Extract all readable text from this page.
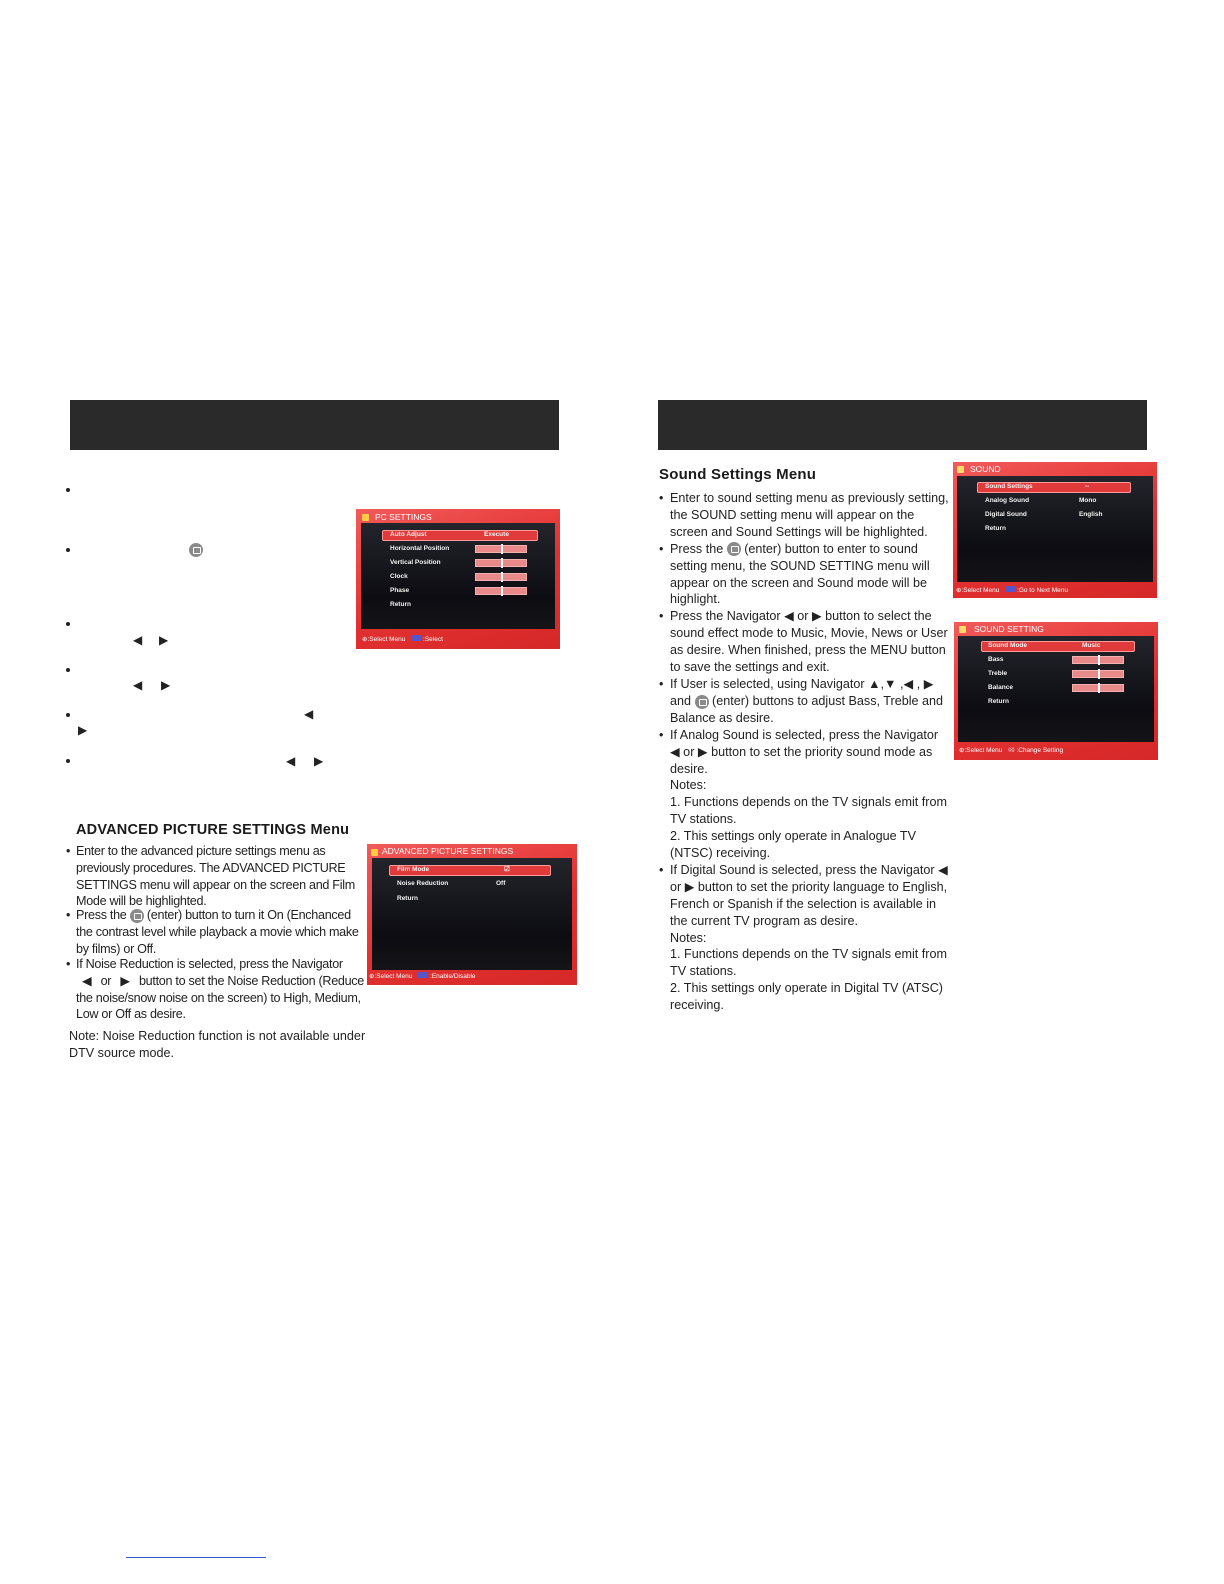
◀ ▶
◀ ▶
◀
▶
◀ ▶
PC SETTINGS
Auto Adjust	Execute
Horizontal Position
Vertical Position
Clock
Phase
Return
⊕:Select Menu	:Select
ADVANCED PICTURE SETTINGS Menu
• Enter to the advanced picture settings menu as previously procedures. The ADVANCED PICTURE SETTINGS menu will appear on the screen and Film Mode will be highlighted.

• Press the  (enter) button to turn it On (Enchanced the contrast level while playback a movie which make by films) or Off.

• If Noise Reduction is selected, press the Navigator ◀ or ▶ button to set the Noise Reduction (Reduce the noise/snow noise on the screen) to High, Medium, Low or Off as desire.

Note: Noise Reduction function is not available under DTV source mode.
ADVANCED PICTURE SETTINGS
Film Mode	☑
Noise Reduction	Off
Return
⊕:Select Menu	:Enable/Disable
Sound Settings Menu
• Enter to sound setting menu as previously setting, the SOUND setting menu will appear on the screen and Sound Settings will be highlighted.

• Press the  (enter) button to enter to sound setting menu, the SOUND SETTING menu will appear on the screen and Sound mode will be highlight.

• Press the Navigator ◀ or ▶ button to select the sound effect mode to Music, Movie, News or User as desire. When finished, press the MENU button to save the settings and exit.

• If User is selected, using Navigator ▲,▼ ,◀ , ▶ and  (enter) buttons to adjust Bass, Treble and Balance as desire.

• If Analog Sound is selected, press the Navigator ◀ or ▶ button to set the priority sound mode as desire.

Notes:

1. Functions depends on the TV signals emit from TV stations.

2. This settings only operate in Analogue TV (NTSC) receiving.

• If Digital Sound is selected, press the Navigator ◀ or ▶ button to set the priority language to English, French or Spanish if the selection is available in the current TV program as desire.

Notes:

1. Functions depends on the TV signals emit from TV stations.

2. This settings only operate in Digital TV (ATSC) receiving.

SOUND
Sound Settings	--
Analog Sound	Mono
Digital Sound	English
Return
⊕:Select Menu	:Go to Next Menu
SOUND SETTING
Sound Mode	Music
Bass
Treble
Balance
Return
⊕:Select Menu ◊◊ :Change Setting
